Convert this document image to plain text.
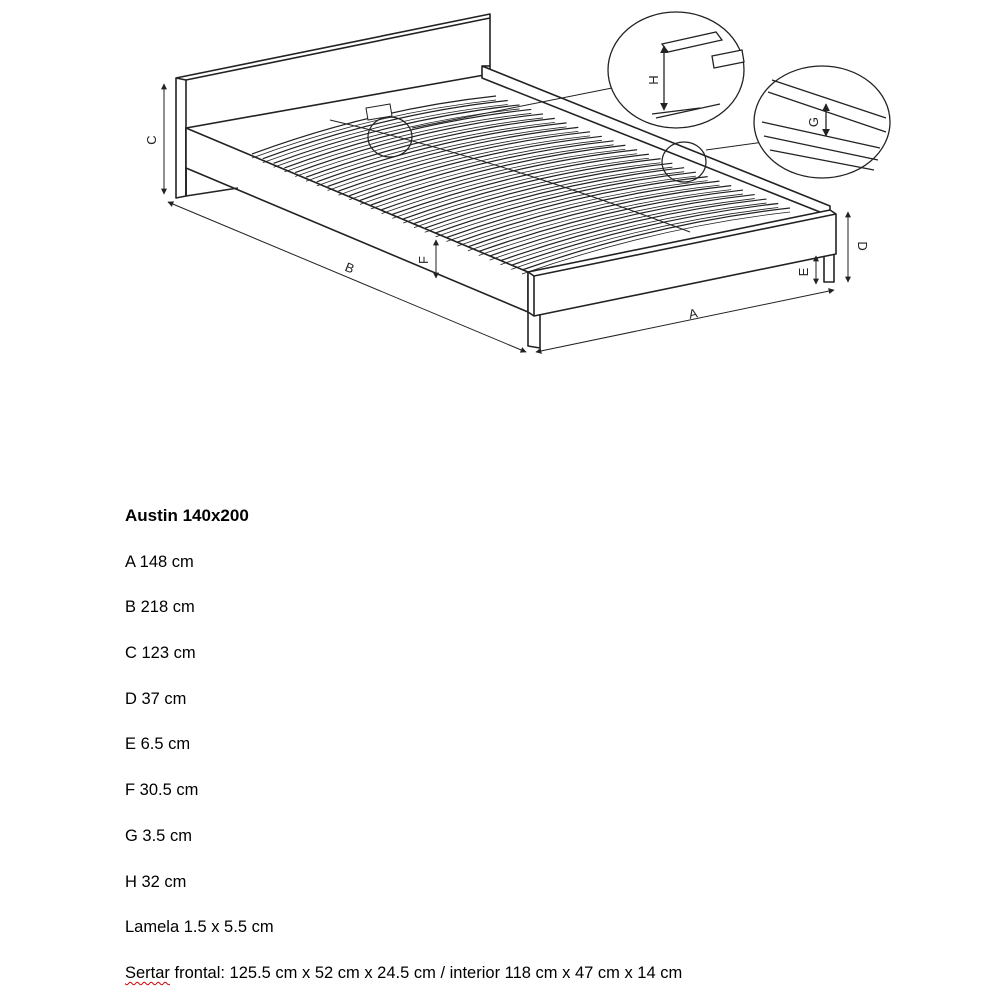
C
B
A
D
E
F
G
H
Austin 140x200
A 148 cm
B 218 cm
C 123 cm
D 37 cm
E 6.5 cm
F 30.5 cm
G 3.5 cm
H 32 cm
Lamela 1.5 x 5.5 cm
Sertar frontal: 125.5 cm x 52 cm x 24.5 cm / interior 118 cm x 47 cm x 14 cm
